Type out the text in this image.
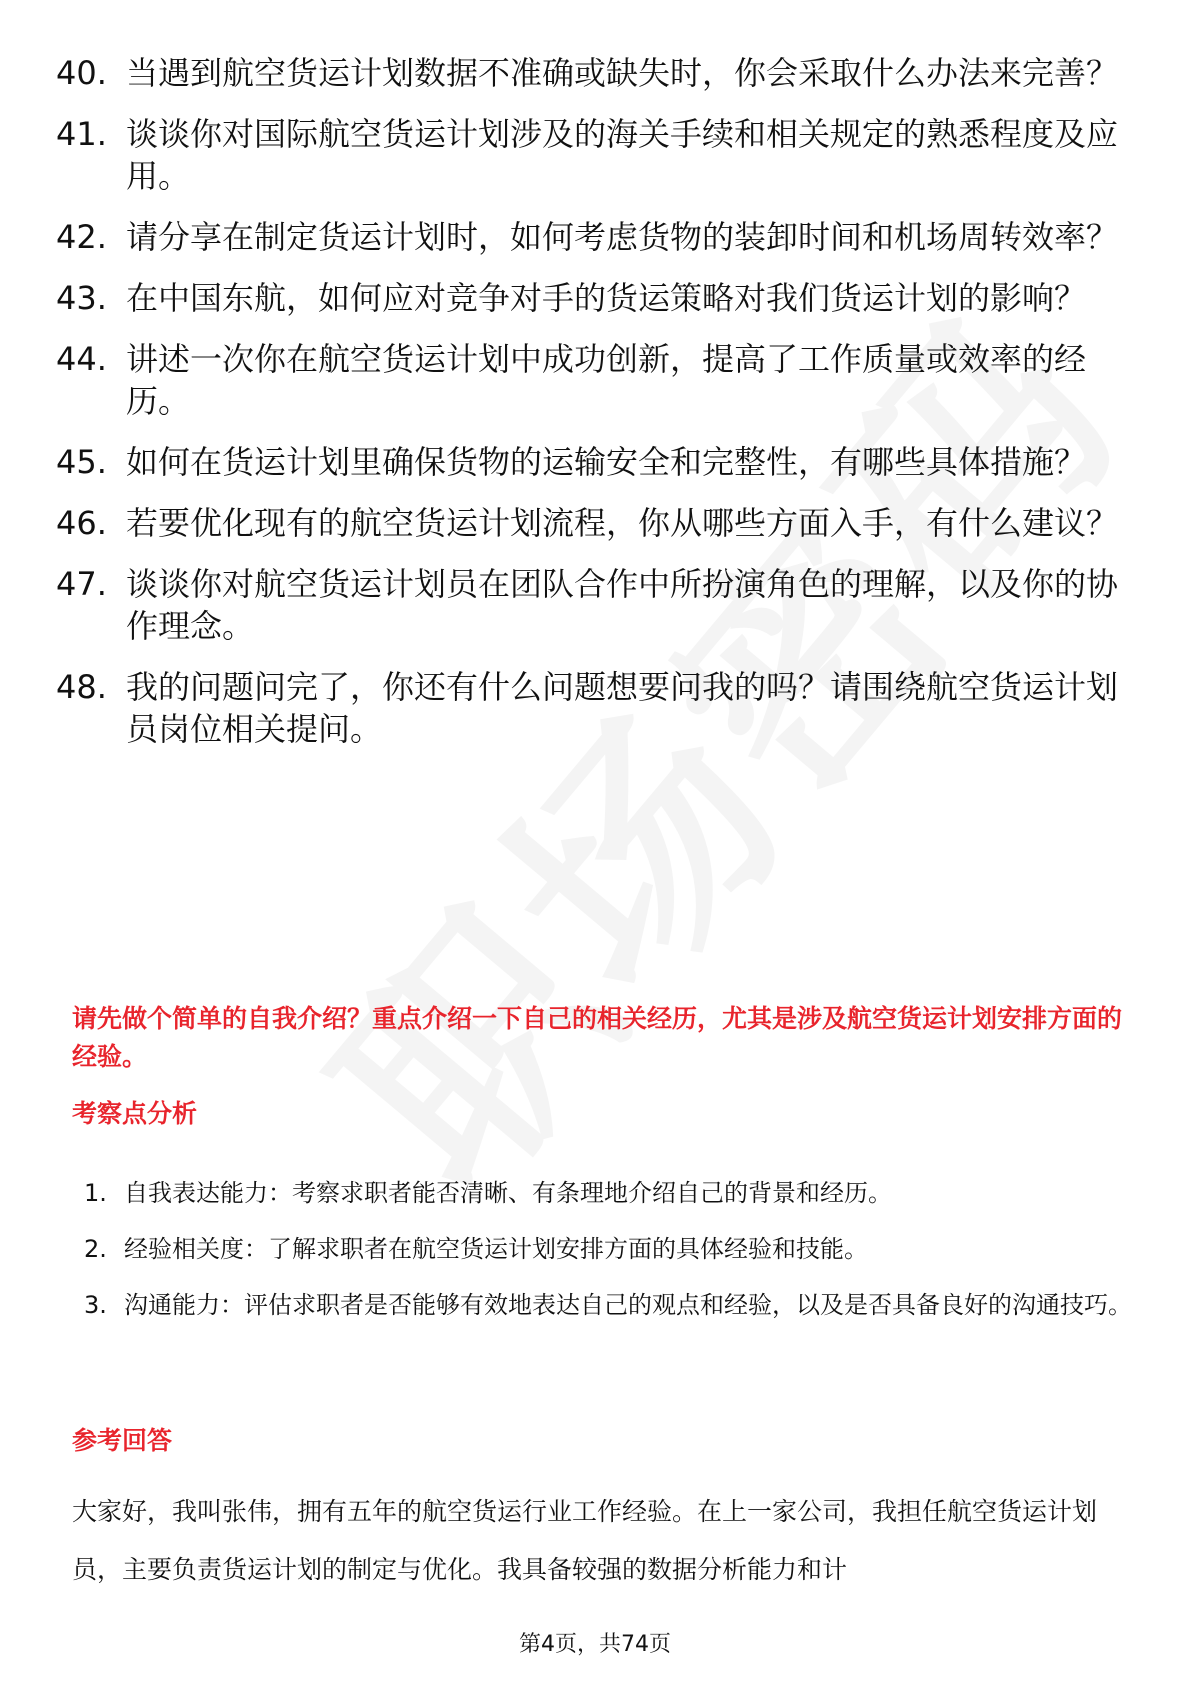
40. 当遇到航空货运计划数据不准确或缺失时，你会采取什么办法来完善？
41. 谈谈你对国际航空货运计划涉及的海关手续和相关规定的熟悉程度及应用。
42. 请分享在制定货运计划时，如何考虑货物的装卸时间和机场周转效率？
43. 在中国东航，如何应对竞争对手的货运策略对我们货运计划的影响？
44. 讲述一次你在航空货运计划中成功创新，提高了工作质量或效率的经历。
45. 如何在货运计划里确保货物的运输安全和完整性，有哪些具体措施？
46. 若要优化现有的航空货运计划流程，你从哪些方面入手，有什么建议？
47. 谈谈你对航空货运计划员在团队合作中所扮演角色的理解，以及你的协作理念。
48. 我的问题问完了，你还有什么问题想要问我的吗？请围绕航空货运计划员岗位相关提问。
请先做个简单的自我介绍？重点介绍一下自己的相关经历，尤其是涉及航空货运计划安排方面的经验。
考察点分析
1. 自我表达能力：考察求职者能否清晰、有条理地介绍自己的背景和经历。
2. 经验相关度：了解求职者在航空货运计划安排方面的具体经验和技能。
3. 沟通能力：评估求职者是否能够有效地表达自己的观点和经验，以及是否具备良好的沟通技巧。
参考回答

大家好，我叫张伟，拥有五年的航空货运行业工作经验。在上一家公司，我担任航空货运计划员，主要负责货运计划的制定与优化。我具备较强的数据分析能力和计

第4页，共74页
